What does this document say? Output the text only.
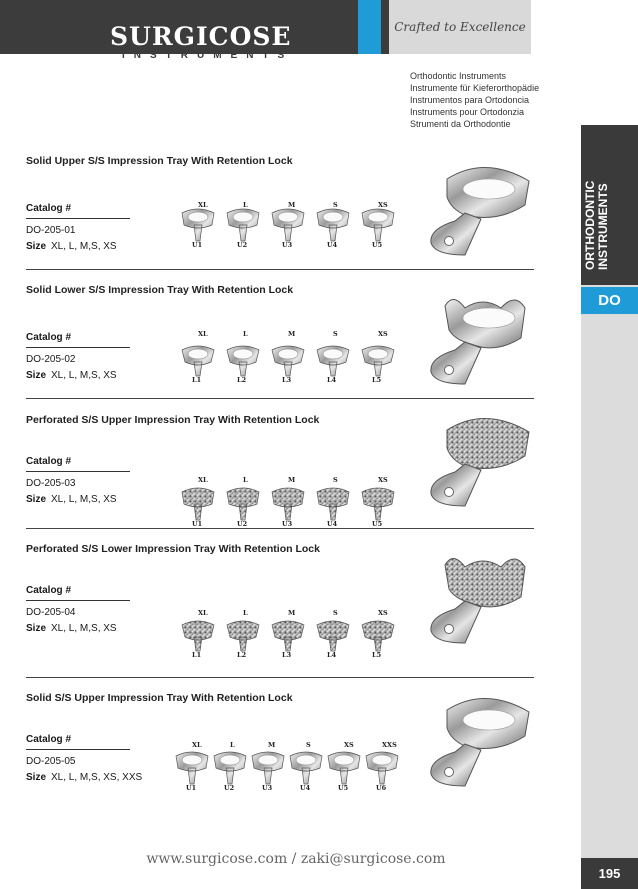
Crafted to Excellence
SURGICOSE
INSTRUMENTS
Orthodontic Instruments
Instrumente für Kieferorthopädie
Instrumentos para Ortodoncia
Instruments pour Ortodonzia
Strumenti da Orthodontie
ORTHODONTIC INSTRUMENTS
DO
195
Solid Upper S/S Impression Tray With Retention Lock
Catalog #
DO-205-01
Size XL, L, M,S, XS
XL
U1
L
U2
M
U3
S
U4
XS
U5
Solid Lower S/S Impression Tray With Retention Lock
Catalog #
DO-205-02
Size XL, L, M,S, XS
XL
L1
L
L2
M
L3
S
L4
XS
L5
Perforated S/S Upper Impression Tray With Retention Lock
Catalog #
DO-205-03
Size XL, L, M,S, XS
XL
U1
L
U2
M
U3
S
U4
XS
U5
Perforated S/S Lower Impression Tray With Retention Lock
Catalog #
DO-205-04
Size XL, L, M,S, XS
XL
L1
L
L2
M
L3
S
L4
XS
L5
Solid S/S Upper Impression Tray With Retention Lock
Catalog #
DO-205-05
Size XL, L, M,S, XS, XXS
XL
U1
L
U2
M
U3
S
U4
XS
U5
XXS
U6
www.surgicose.com / zaki@surgicose.com
